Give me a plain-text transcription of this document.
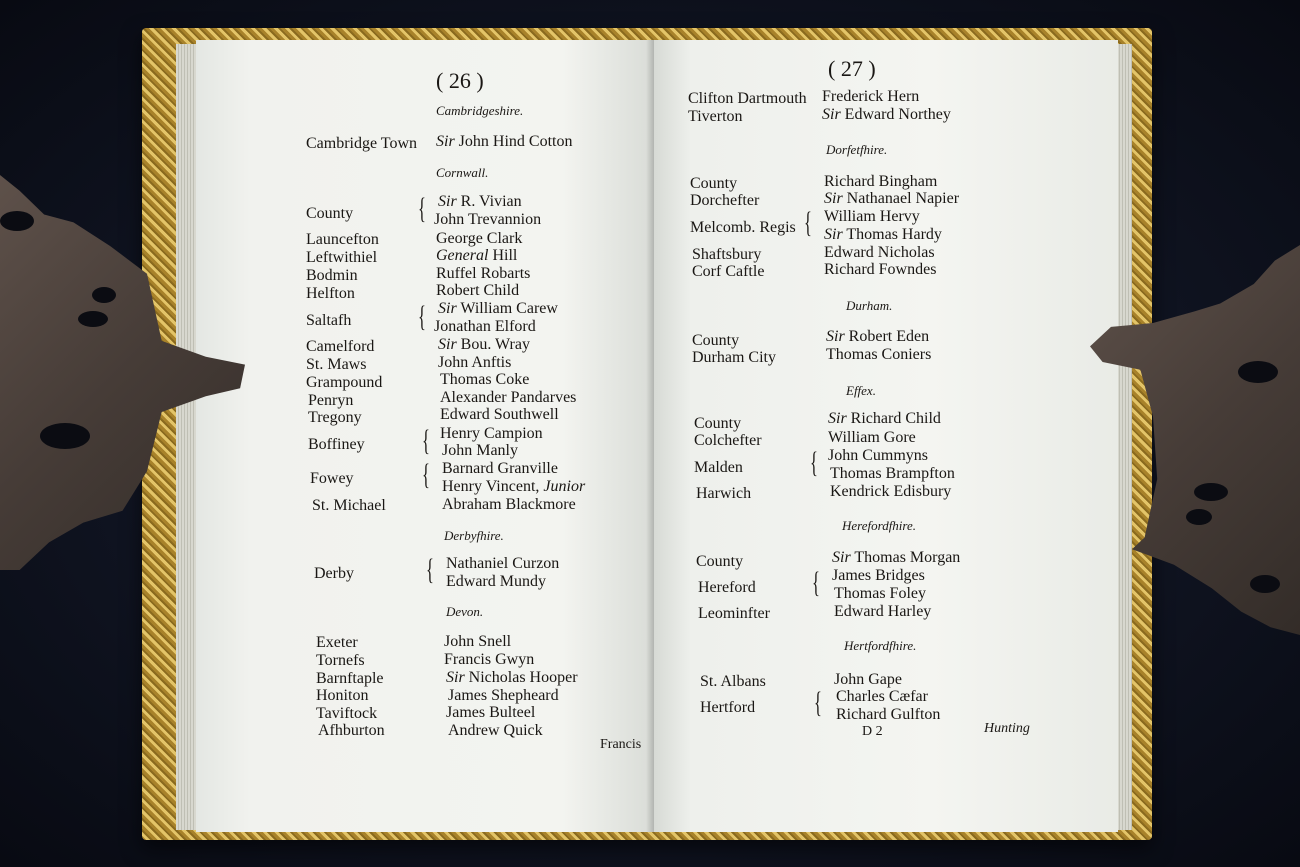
( 26 )
Cambridgeshire.
Cambridge Town Sir John Hind Cotton
Cornwall.
County { Sir R. Vivian
John Trevannion
Launcefton	George Clark
Leftwithiel	General Hill
Bodmin	Ruffel Robarts
Helfton	Robert Child
Saltafh { Sir William Carew
Jonathan Elford
Camelford	Sir Bou. Wray
St. Maws	John Anftis
Grampound	Thomas Coke
Penryn	Alexander Pandarves
Tregony	Edward Southwell
Boffiney { Henry Campion
John Manly
Fowey { Barnard Granville
Henry Vincent, Junior
St. Michael	Abraham Blackmore
Derbyfhire.
Derby { Nathaniel Curzon
Edward Mundy
Devon.
Exeter	John Snell
Tornefs	Francis Gwyn
Barnftaple	Sir Nicholas Hooper
Honiton	James Shepheard
Taviftock	James Bulteel
Afhburton	Andrew Quick
Francis
( 27 )
Clifton Dartmouth Frederick Hern
Tiverton	Sir Edward Northey
Dorfetfhire.
County	Richard Bingham
Dorchefter	Sir Nathanael Napier
Melcomb. Regis { William Hervy
Sir Thomas Hardy
Shaftsbury	Edward Nicholas
Corf Caftle	Richard Fowndes
Durham.
County	Sir Robert Eden
Durham City	Thomas Coniers
Effex.
County	Sir Richard Child
Colchefter	William Gore
Malden { John Cummyns
Thomas Brampfton
Harwich	Kendrick Edisbury
Herefordfhire.
County	Sir Thomas Morgan
Hereford { James Bridges
Thomas Foley
Leominfter	Edward Harley
Hertfordfhire.
St. Albans	John Gape
Hertford { Charles Cæfar
Richard Gulfton
D 2	Hunting
